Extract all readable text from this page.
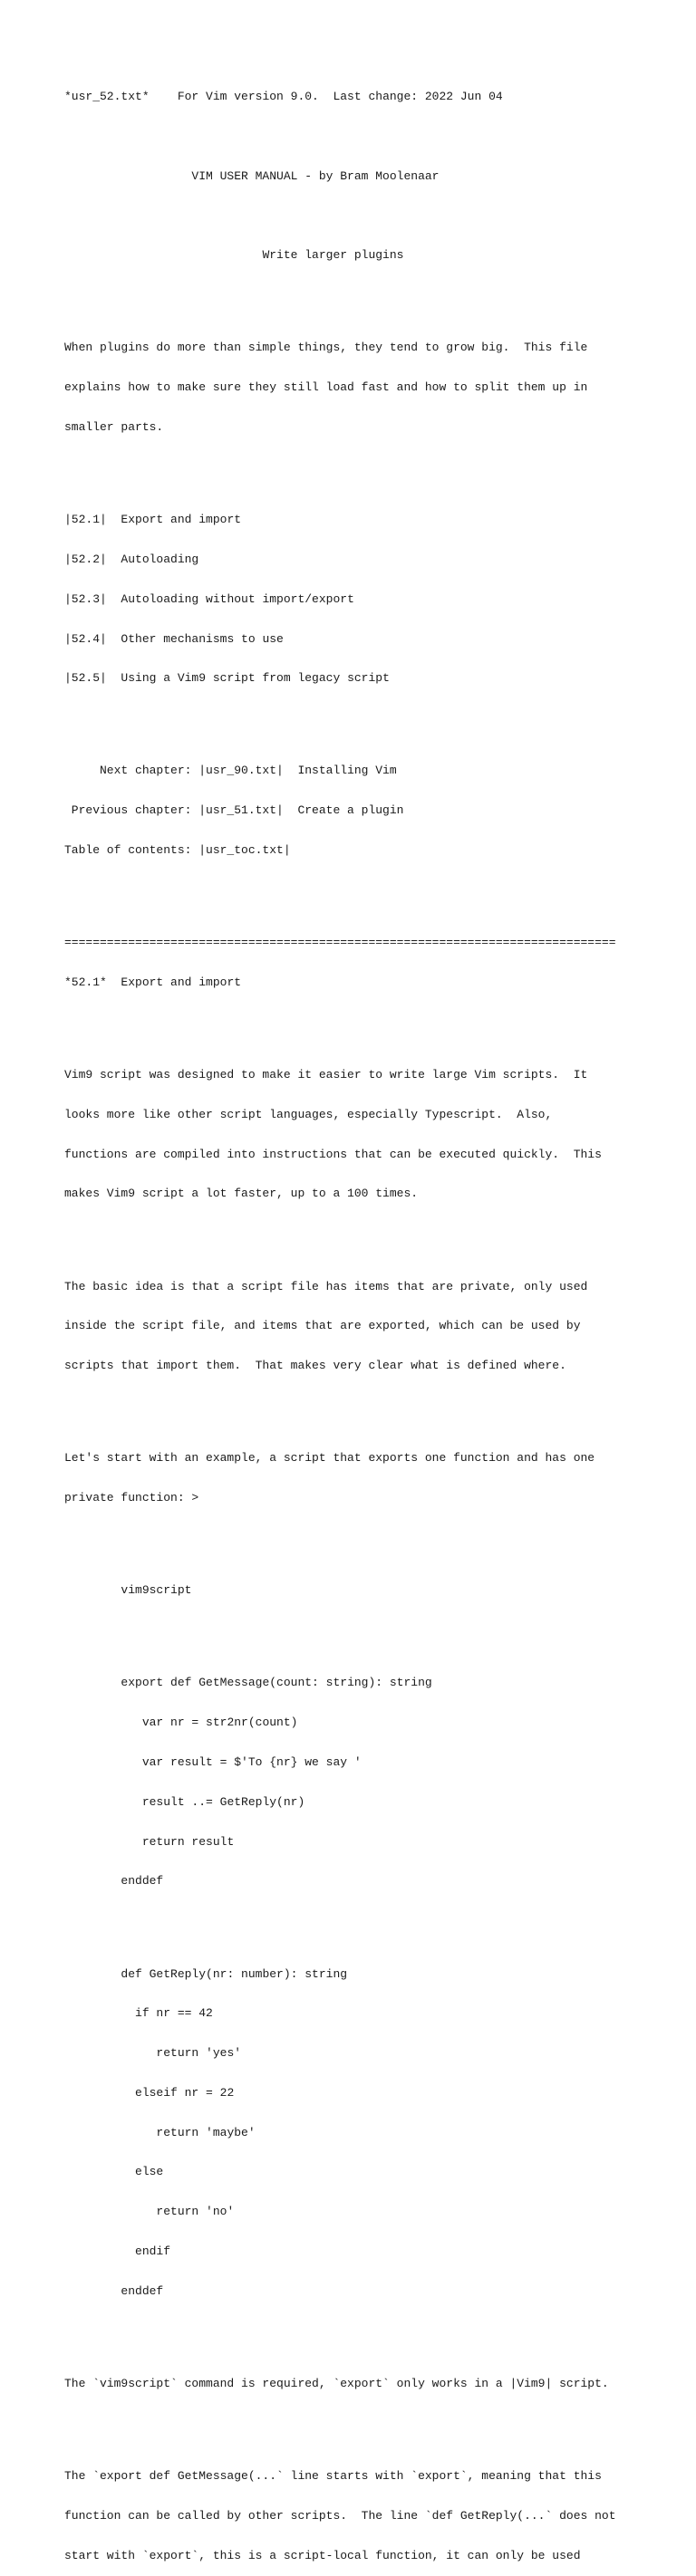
*usr_52.txt*	For Vim version 9.0.  Last change: 2022 Jun 04

VIM USER MANUAL - by Bram Moolenaar

			Write larger plugins

When plugins do more than simple things, they tend to grow big.  This file

explains how to make sure they still load fast and how to split them up in

smaller parts.

|52.1|	Export and import

|52.2|	Autoloading

|52.3|	Autoloading without import/export

|52.4|	Other mechanisms to use

|52.5|	Using a Vim9 script from legacy script

Next chapter: |usr_90.txt|  Installing Vim

Previous chapter: |usr_51.txt|  Create a plugin

Table of contents: |usr_toc.txt|

==============================================================================

*52.1*	Export and import

Vim9 script was designed to make it easier to write large Vim scripts.  It

looks more like other script languages, especially Typescript.  Also,

functions are compiled into instructions that can be executed quickly.  This

makes Vim9 script a lot faster, up to a 100 times.

The basic idea is that a script file has items that are private, only used

inside the script file, and items that are exported, which can be used by

scripts that import them.  That makes very clear what is defined where.

Let's start with an example, a script that exports one function and has one

private function: >

	vim9script

	export def GetMessage(count: string): string

	var nr = str2nr(count)

	var result = $'To {nr} we say '

	result ..= GetReply(nr)

	return result

	enddef

	def GetReply(nr: number): string

	if nr == 42

	return 'yes'

	elseif nr = 22

	return 'maybe'

	else

	return 'no'

	endif

	enddef

The `vim9script` command is required, `export` only works in a |Vim9| script.

The `export def GetMessage(...` line starts with `export`, meaning that this

function can be called by other scripts.  The line `def GetReply(...` does not

start with `export`, this is a script-local function, it can only be used
